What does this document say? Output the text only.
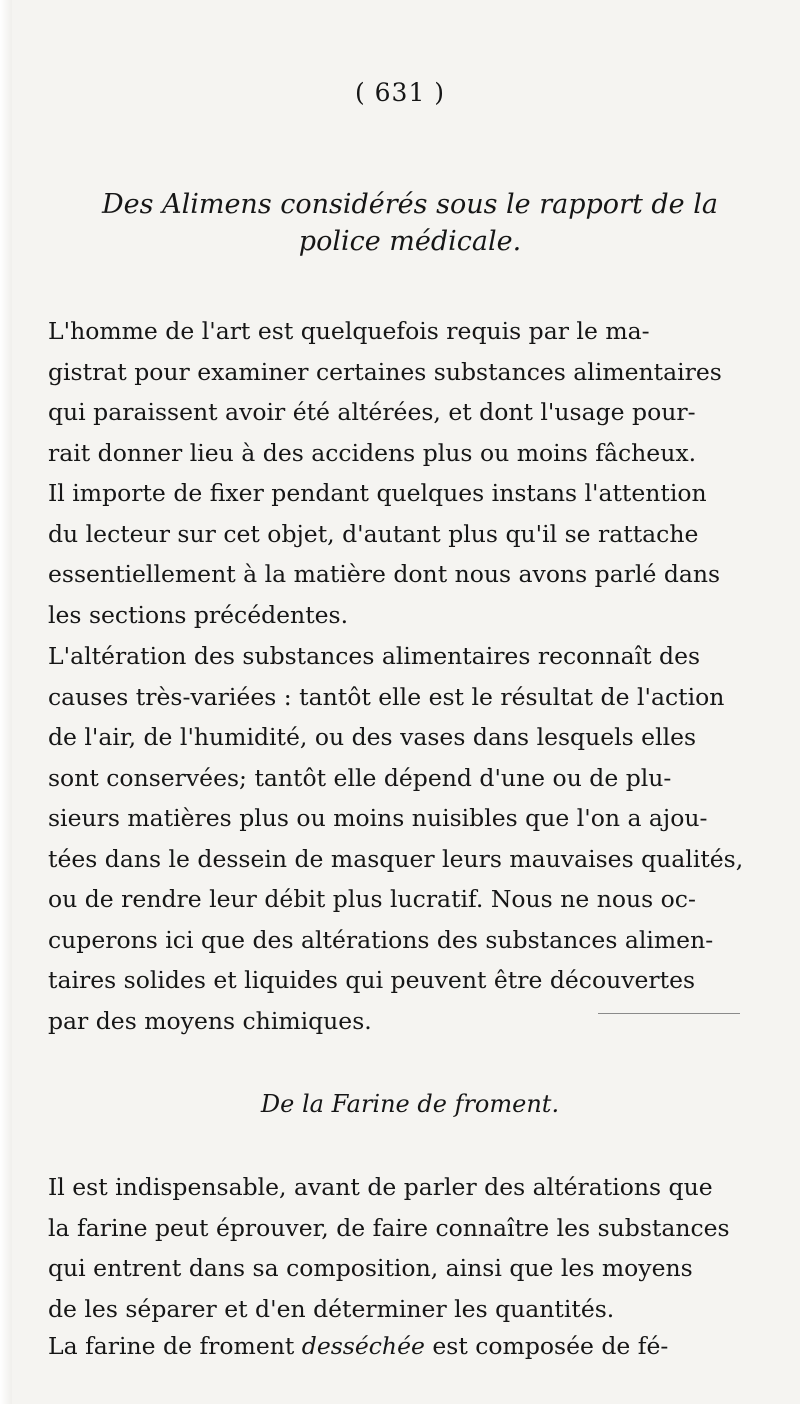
( 631 )
Des Alimens considérés sous le rapport de la
police médicale.
L'homme de l'art est quelquefois requis par le ma-
gistrat pour examiner certaines substances alimentaires
qui paraissent avoir été altérées, et dont l'usage pour-
rait donner lieu à des accidens plus ou moins fâcheux.
Il importe de fixer pendant quelques instans l'attention
du lecteur sur cet objet, d'autant plus qu'il se rattache
essentiellement à la matière dont nous avons parlé dans
les sections précédentes.
L'altération des substances alimentaires reconnaît des
causes très-variées : tantôt elle est le résultat de l'action
de l'air, de l'humidité, ou des vases dans lesquels elles
sont conservées; tantôt elle dépend d'une ou de plu-
sieurs matières plus ou moins nuisibles que l'on a ajou-
tées dans le dessein de masquer leurs mauvaises qualités,
ou de rendre leur débit plus lucratif. Nous ne nous oc-
cuperons ici que des altérations des substances alimen-
taires solides et liquides qui peuvent être découvertes
par des moyens chimiques.
De la Farine de froment.
Il est indispensable, avant de parler des altérations que
la farine peut éprouver, de faire connaître les substances
qui entrent dans sa composition, ainsi que les moyens
de les séparer et d'en déterminer les quantités.
La farine de froment desséchée est composée de fé-
